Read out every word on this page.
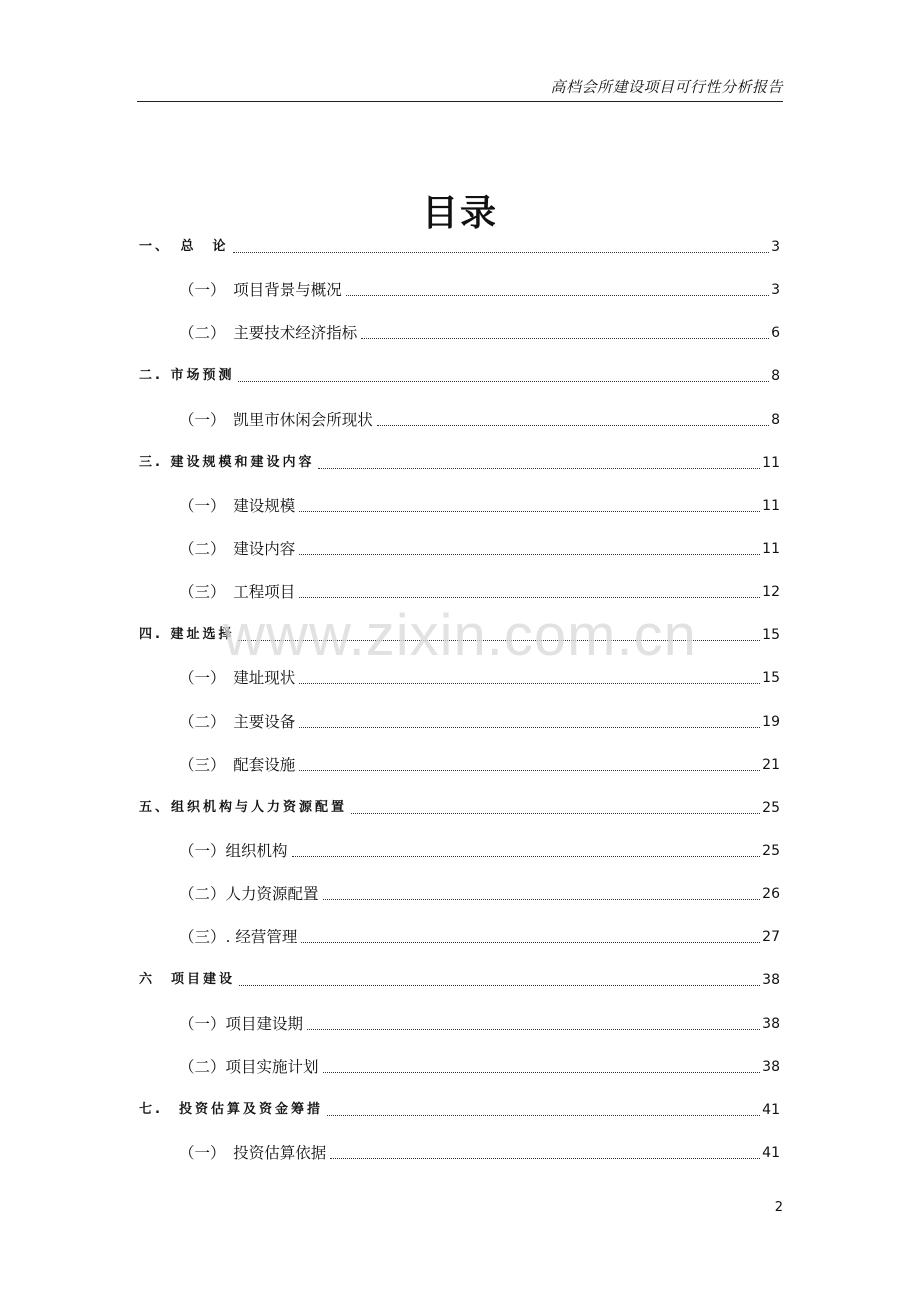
高档会所建设项目可行性分析报告
目录
一、　总　论	3
（一）　项目背景与概况	3
（二）　主要技术经济指标	6
二. 市场预测	8
（一）　凯里市休闲会所现状	8
三. 建设规模和建设内容	11
（一）　建设规模	11
（二）　建设内容	11
（三）　工程项目	12
四. 建址选择	15
（一）　建址现状	15
（二）　主要设备	19
（三）　配套设施	21
五、组织机构与人力资源配置	25
（一）组织机构	25
（二）人力资源配置	26
（三）. 经营管理	27
六　项目建设	38
（一）项目建设期	38
（二）项目实施计划	38
七.　投资估算及资金筹措	41
（一）　投资估算依据	41
www.zixin.com.cn
2
